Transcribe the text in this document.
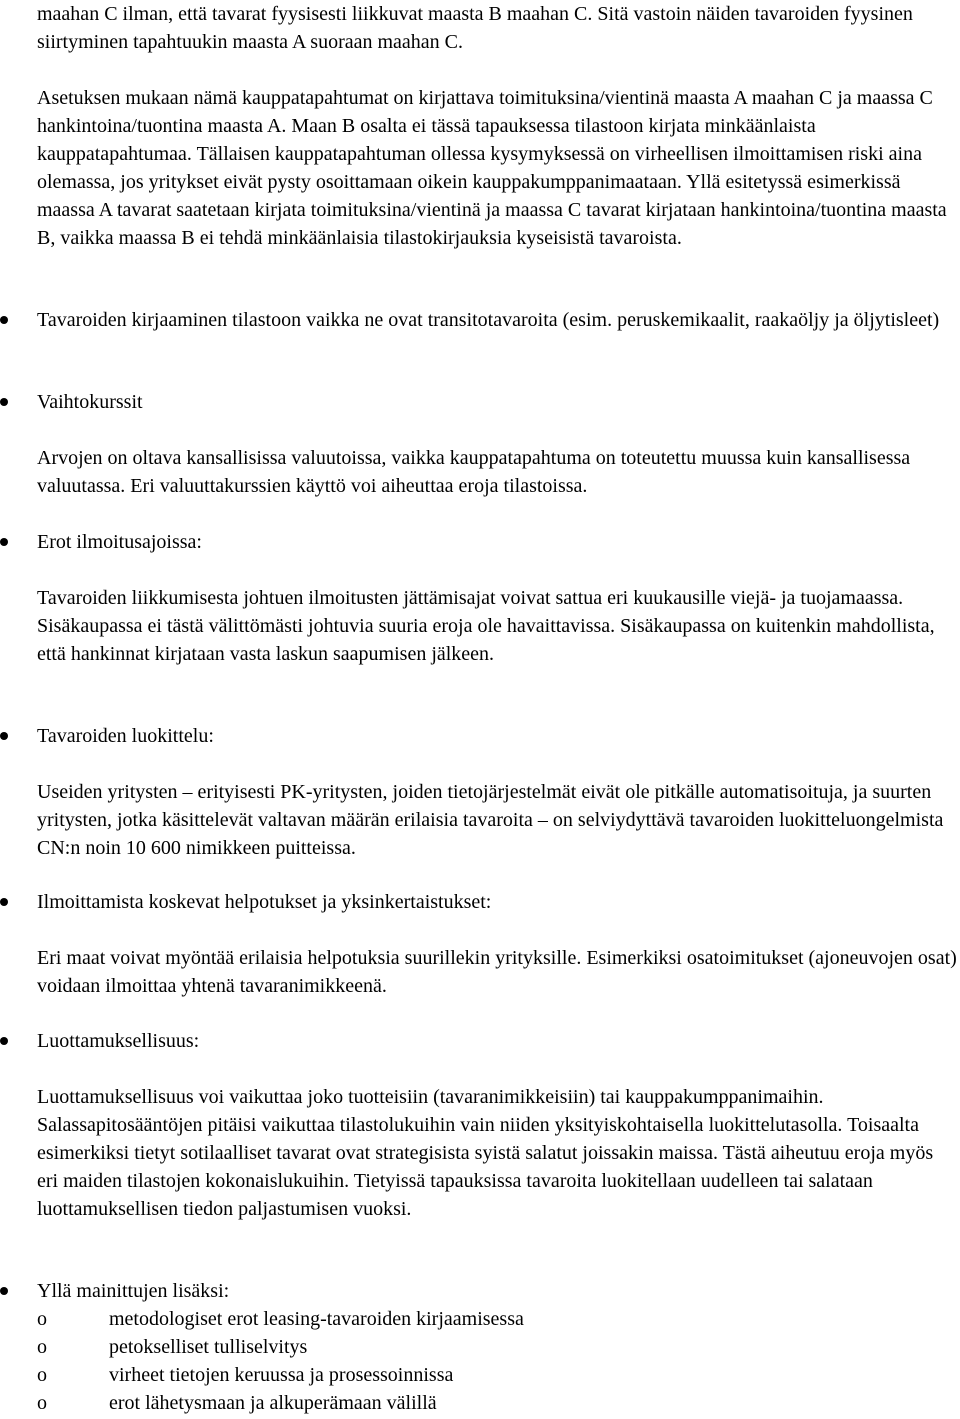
maahan C ilman, että tavarat fyysisesti liikkuvat maasta B maahan C. Sitä vastoin näiden tavaroiden fyysinen siirtyminen tapahtuukin maasta A suoraan maahan C.

Asetuksen mukaan nämä kauppatapahtumat on kirjattava toimituksina/vientinä maasta A maahan C ja maassa C hankintoina/tuontina maasta A. Maan B osalta ei tässä tapauksessa tilastoon kirjata minkäänlaista kauppatapahtumaa. Tällaisen kauppatapahtuman ollessa kysymyksessä on virheellisen ilmoittamisen riski aina olemassa, jos yritykset eivät pysty osoittamaan oikein kauppakumppanimaataan. Yllä esitetyssä esimerkissä maassa A tavarat saatetaan kirjata toimituksina/vientinä ja maassa C tavarat kirjataan hankintoina/tuontina maasta B, vaikka maassa B ei tehdä minkäänlaisia tilastokirjauksia kyseisistä tavaroista.

Tavaroiden kirjaaminen tilastoon vaikka ne ovat transitotavaroita (esim. peruskemikaalit, raakaöljy ja öljytisleet)

Vaihtokurssit

Arvojen on oltava kansallisissa valuutoissa, vaikka kauppatapahtuma on toteutettu muussa kuin kansallisessa valuutassa. Eri valuuttakurssien käyttö voi aiheuttaa eroja tilastoissa.

Erot ilmoitusajoissa:

Tavaroiden liikkumisesta johtuen ilmoitusten jättämisajat voivat sattua eri kuukausille viejä- ja tuojamaassa. Sisäkaupassa ei tästä välittömästi johtuvia suuria eroja ole havaittavissa. Sisäkaupassa on kuitenkin mahdollista, että hankinnat kirjataan vasta laskun saapumisen jälkeen.

Tavaroiden luokittelu:

Useiden yritysten – erityisesti PK-yritysten, joiden tietojärjestelmät eivät ole pitkälle automatisoituja, ja suurten yritysten, jotka käsittelevät valtavan määrän erilaisia tavaroita – on selviydyttävä tavaroiden luokitteluongelmista CN:n noin 10 600 nimikkeen puitteissa.

Ilmoittamista koskevat helpotukset ja yksinkertaistukset:

Eri maat voivat myöntää erilaisia helpotuksia suurillekin yrityksille. Esimerkiksi osatoimitukset (ajoneuvojen osat) voidaan ilmoittaa yhtenä tavaranimikkeenä.

Luottamuksellisuus:

Luottamuksellisuus voi vaikuttaa joko tuotteisiin (tavaranimikkeisiin) tai kauppakumppanimaihin. Salassapitosääntöjen pitäisi vaikuttaa tilastolukuihin vain niiden yksityiskohtaisella luokittelutasolla. Toisaalta esimerkiksi tietyt sotilaalliset tavarat ovat strategisista syistä salatut joissakin maissa. Tästä aiheutuu eroja myös eri maiden tilastojen kokonaislukuihin. Tietyissä tapauksissa tavaroita luokitellaan uudelleen tai salataan luottamuksellisen tiedon paljastumisen vuoksi.

Yllä mainittujen lisäksi:

o	metodologiset erot leasing-tavaroiden kirjaamisessa
o	petokselliset tulliselvitys
o	virheet tietojen keruussa ja prosessoinnissa
o	erot lähetysmaan ja alkuperämaan välillä
